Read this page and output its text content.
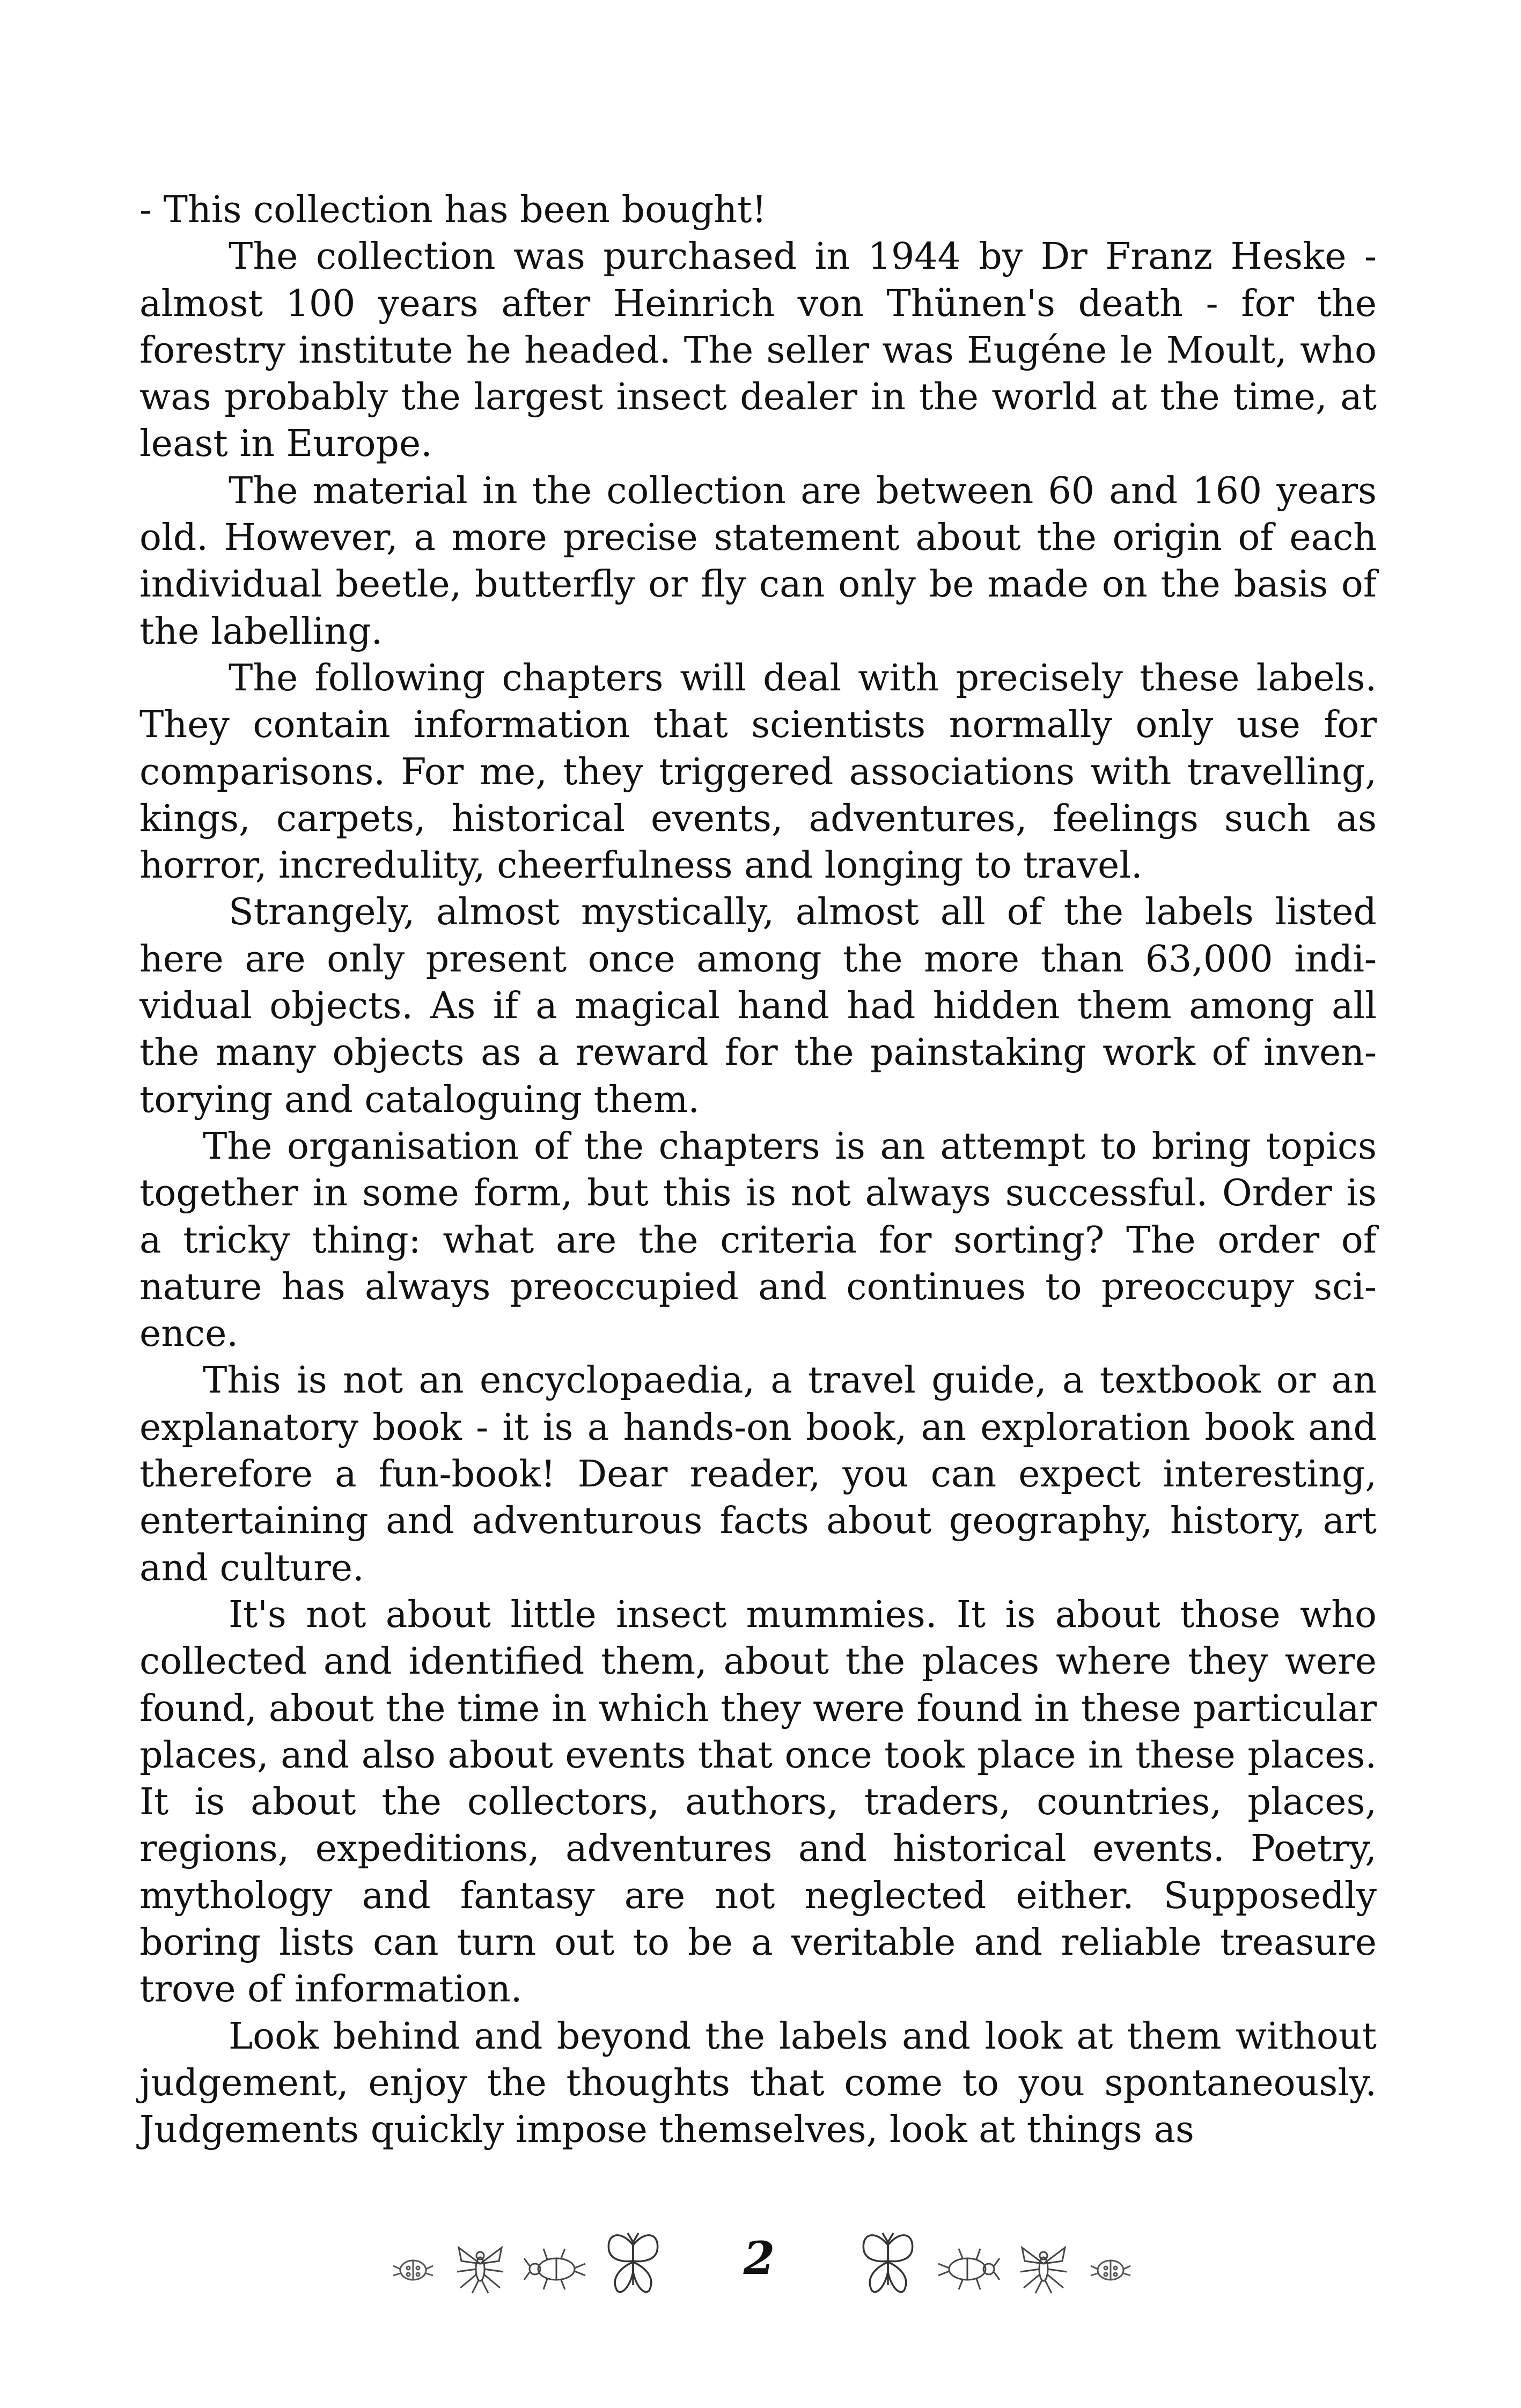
- This collection has been bought!

The collection was purchased in 1944 by Dr Franz Heske - almost 100 years after Heinrich von Thünen's death - for the forestry institute he headed. The seller was Eugéne le Moult, who was probably the largest insect dealer in the world at the time, at least in Europe.

The material in the collection are between 60 and 160 years old. However, a more precise statement about the origin of each individual beetle, butterfly or fly can only be made on the basis of the labelling.

The following chapters will deal with precisely these labels. They contain information that scientists normally only use for comparisons. For me, they triggered associations with travelling, kings, carpets, historical events, adventures, feelings such as horror, incredulity, cheerfulness and longing to travel.

Strangely, almost mystically, almost all of the labels listed here are only present once among the more than 63,000 individual objects. As if a magical hand had hidden them among all the many objects as a reward for the painstaking work of inventorying and cataloguing them.

The organisation of the chapters is an attempt to bring topics together in some form, but this is not always successful. Order is a tricky thing: what are the criteria for sorting? The order of nature has always preoccupied and continues to preoccupy science.

This is not an encyclopaedia, a travel guide, a textbook or an explanatory book - it is a hands-on book, an exploration book and therefore a fun-book! Dear reader, you can expect interesting, entertaining and adventurous facts about geography, history, art and culture.

It's not about little insect mummies. It is about those who collected and identified them, about the places where they were found, about the time in which they were found in these particular places, and also about events that once took place in these places. It is about the collectors, authors, traders, countries, places, regions, expeditions, adventures and historical events. Poetry, mythology and fantasy are not neglected either. Supposedly boring lists can turn out to be a veritable and reliable treasure trove of information.

Look behind and beyond the labels and look at them without judgement, enjoy the thoughts that come to you spontaneously. Judgements quickly impose themselves, look at things as

2
